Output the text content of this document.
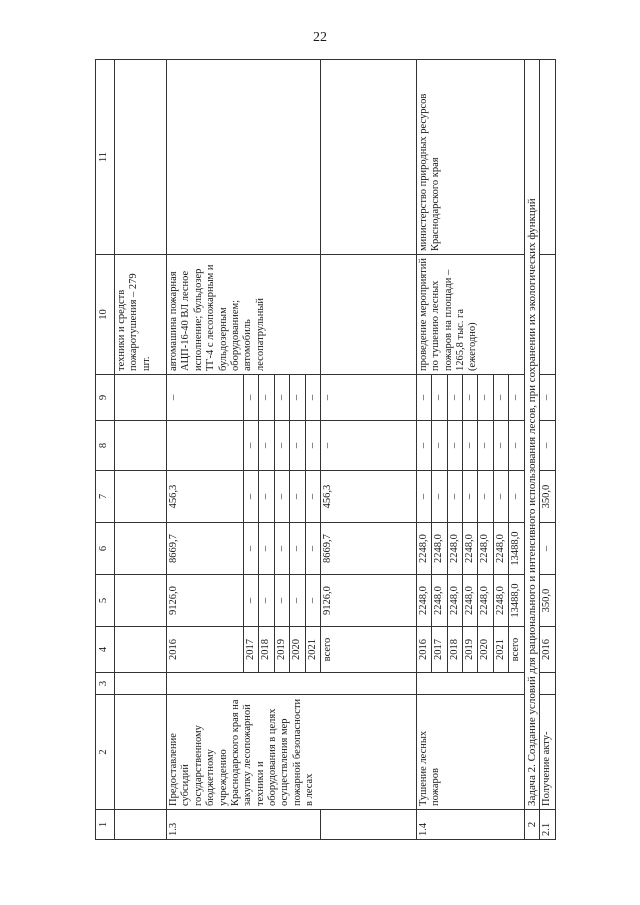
22
1	2	3	4	5	6	7	8	9	10	11
									техники и средств пожаротушения – 279 шт.	
1.3	Предоставление субсидий государственному бюджетному учреждению Краснодарского края на закупку лесопожарной техники и оборудования в целях осуществления мер пожарной безопасности в лесах		2016	9126,0	8669,7	456,3		–	автомашина пожарная АЦП-16-40 ВЛ лесное исполнение; бульдозер ТГ-4 с лесопожарным и бульдозерным оборудованием; автомобиль лесопатрульный	
			2017	–	–	–	–	–		
			2018	–	–	–	–	–		
			2019	–	–	–	–	–		
			2020	–	–	–	–	–		
			2021	–	–	–	–	–		
			всего	9126,0	8669,7	456,3	–	–		
1.4	Тушение лесных пожаров		2016	2248,0	2248,0	–	–	–	проведение мероприятий по тушению лесных пожаров на площади – 1265,8 тыс. га (ежегодно)	министерство природных ресурсов Краснодарского края
			2017	2248,0	2248,0	–	–	–		
			2018	2248,0	2248,0	–	–	–		
			2019	2248,0	2248,0	–	–	–		
			2020	2248,0	2248,0	–	–	–		
			2021	2248,0	2248,0	–	–	–		
			всего	13488,0	13488,0	–	–	–		
2	Задача 2. Создание условий для рационального и интенсивного использования лесов, при сохранении их экологических функций									
2.1	Получение акту-		2016	350,0	–	350,0	–	–		
